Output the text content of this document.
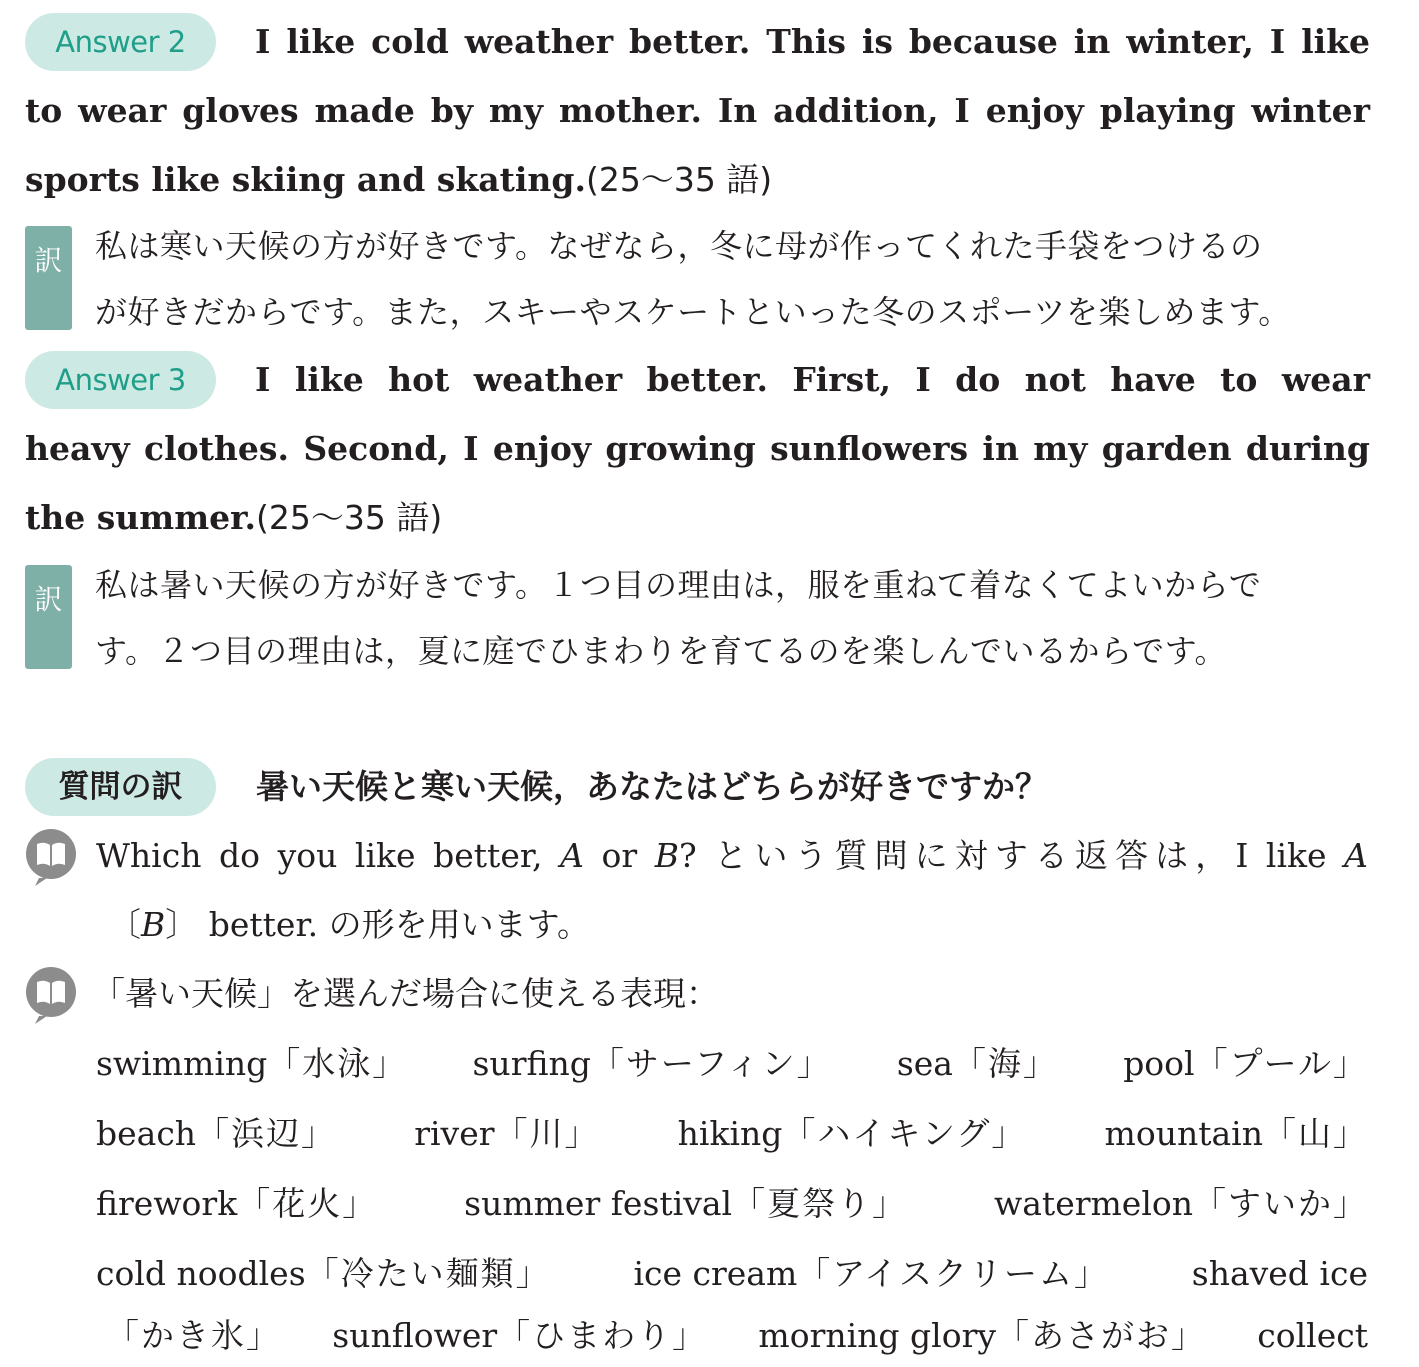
Answer 2	I like cold weather better. This is because in winter, I like
to wear gloves made by my mother. In addition, I enjoy playing winter
sports like skiing and skating.(25〜35 語)
訳 私は寒い天候の方が好きです。なぜなら，冬に母が作ってくれた手袋をつけるの
が好きだからです。また，スキーやスケートといった冬のスポーツを楽しめます。
Answer 3	I like hot weather better. First, I do not have to wear
heavy clothes. Second, I enjoy growing sunflowers in my garden during
the summer.(25〜35 語)
訳 私は暑い天候の方が好きです。１つ目の理由は，服を重ねて着なくてよいからで
す。２つ目の理由は，夏に庭でひまわりを育てるのを楽しんでいるからです。
質問の訳	暑い天候と寒い天候，あなたはどちらが好きですか？
Which do you like better, A or B? という質問に対する返答は，I like A
〔B〕 better. の形を用います。
「暑い天候」を選んだ場合に使える表現：
swimming「水泳」 surfing「サーフィン」 sea「海」 pool「プール」
beach「浜辺」 river「川」 hiking「ハイキング」 mountain「山」
firework「花火」	summer festival「夏祭り」	watermelon「すいか」
cold noodles「冷たい麺類」	ice cream「アイスクリーム」	shaved ice
「かき氷」 sunflower「ひまわり」 morning glory「あさがお」 collect
